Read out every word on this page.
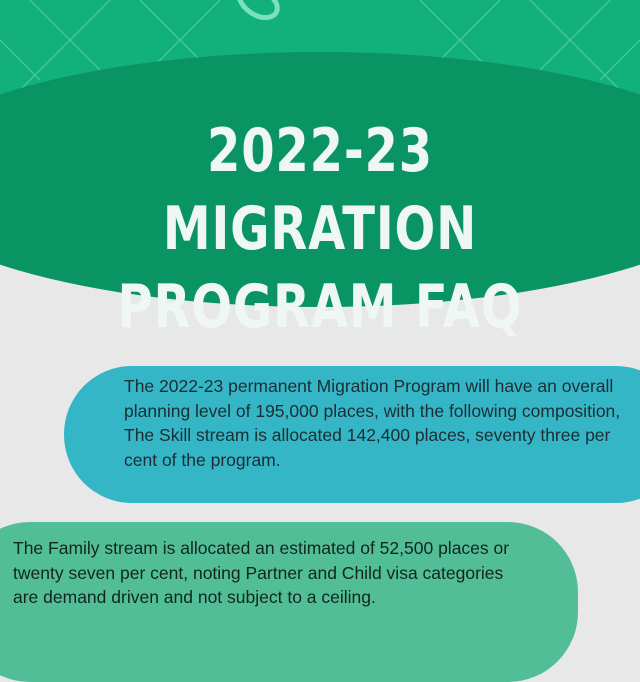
2022-23 MIGRATION
PROGRAM FAQ

The 2022-23 permanent Migration Program will have an overall planning level of 195,000 places, with the following composition, The Skill stream is allocated 142,400 places, seventy three per cent of the program.

The Family stream is allocated an estimated of 52,500 places or twenty seven per cent, noting Partner and Child visa categories are demand driven and not subject to a ceiling.
